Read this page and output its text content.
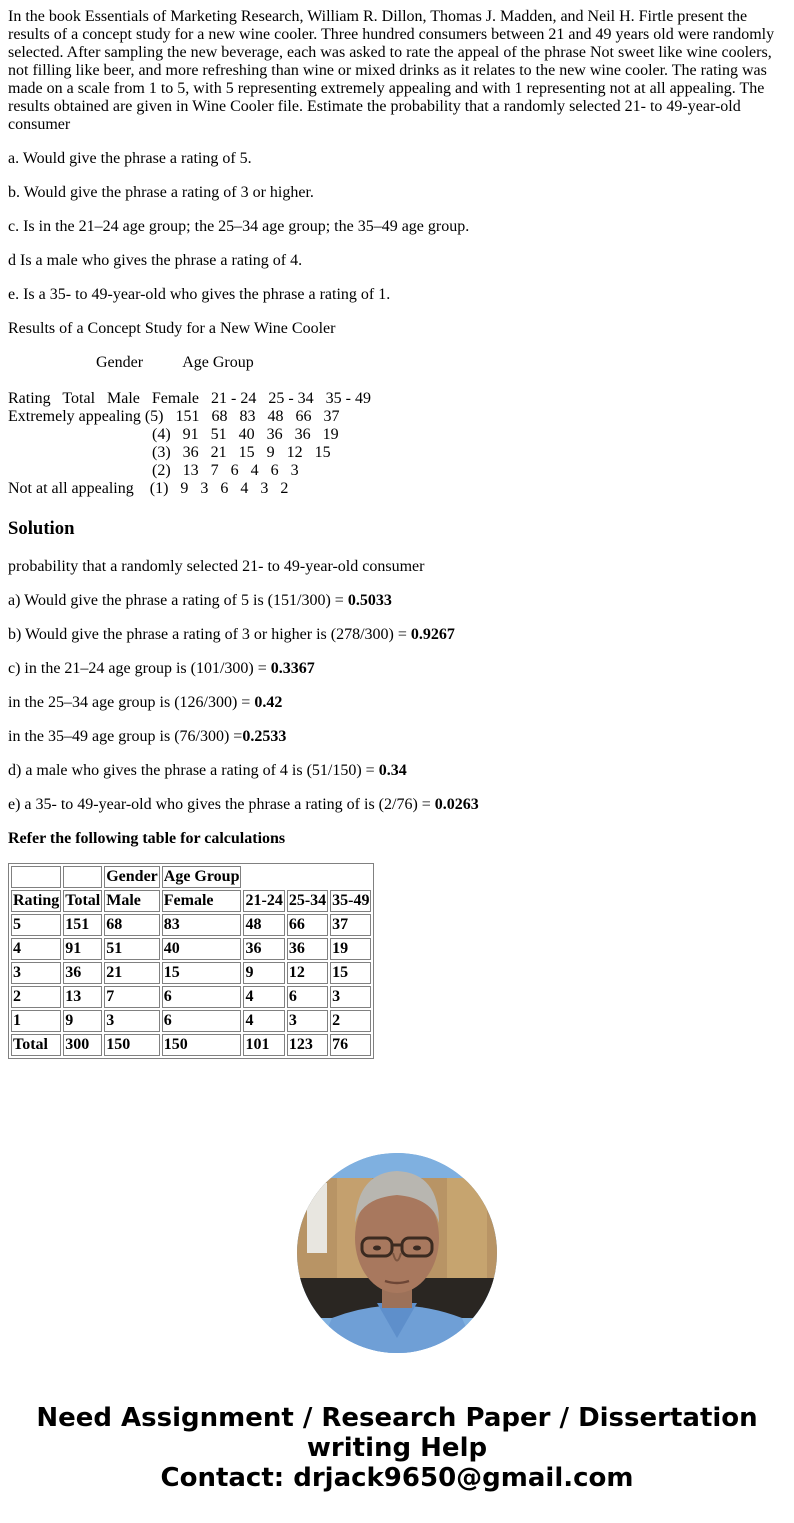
In the book Essentials of Marketing Research, William R. Dillon, Thomas J. Madden, and Neil H. Firtle present the results of a concept study for a new wine cooler. Three hundred consumers between 21 and 49 years old were randomly selected. After sampling the new beverage, each was asked to rate the appeal of the phrase Not sweet like wine coolers, not filling like beer, and more refreshing than wine or mixed drinks as it relates to the new wine cooler. The rating was made on a scale from 1 to 5, with 5 representing extremely appealing and with 1 representing not at all appealing. The results obtained are given in Wine Cooler file. Estimate the probability that a randomly selected 21- to 49-year-old consumer

a. Would give the phrase a rating of 5.

b. Would give the phrase a rating of 3 or higher.

c. Is in the 21–24 age group; the 25–34 age group; the 35–49 age group.

d Is a male who gives the phrase a rating of 4.

e. Is a 35- to 49-year-old who gives the phrase a rating of 1.

Results of a Concept Study for a New Wine Cooler

Gender          Age Group

Rating   Total   Male   Female   21 - 24   25 - 34   35 - 49
Extremely appealing (5)   151   68   83   48   66   37
(4)   91   51   40   36   36   19
(3)   36   21   15   9   12   15
(2)   13   7   6   4   6   3
Not at all appealing    (1)   9   3   6   4   3   2
Solution

probability that a randomly selected 21- to 49-year-old consumer

a) Would give the phrase a rating of 5 is (151/300) = 0.5033

b) Would give the phrase a rating of 3 or higher is (278/300) = 0.9267

c) in the 21–24 age group is (101/300) = 0.3367

in the 25–34 age group is (126/300) = 0.42

in the 35–49 age group is (76/300) =0.2533

d) a male who gives the phrase a rating of 4 is (51/150) = 0.34

e) a 35- to 49-year-old who gives the phrase a rating of is (2/76) = 0.0263

Refer the following table for calculations

		Gender	Age Group			
Rating	Total	Male	Female	21-24	25-34	35-49
5	151	68	83	48	66	37
4	91	51	40	36	36	19
3	36	21	15	9	12	15
2	13	7	6	4	6	3
1	9	3	6	4	3	2
Total	300	150	150	101	123	76
Need Assignment / Research Paper / Dissertation
writing Help
Contact: drjack9650@gmail.com
